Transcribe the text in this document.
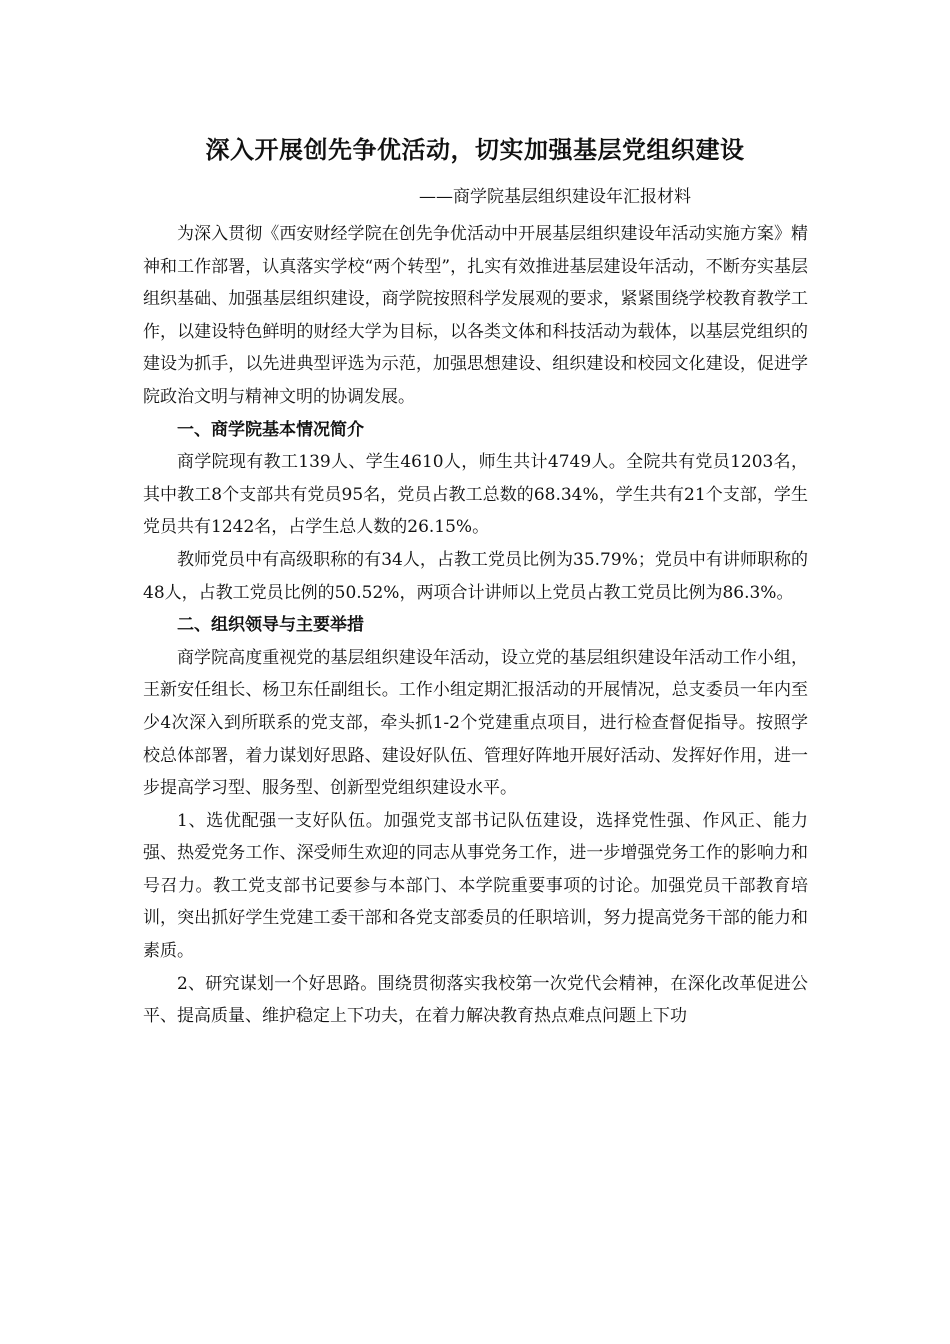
深入开展创先争优活动，切实加强基层党组织建设
——商学院基层组织建设年汇报材料

为深入贯彻《西安财经学院在创先争优活动中开展基层组织建设年活动实施方案》精神和工作部署，认真落实学校“两个转型”，扎实有效推进基层建设年活动，不断夯实基层组织基础、加强基层组织建设，商学院按照科学发展观的要求，紧紧围绕学校教育教学工作，以建设特色鲜明的财经大学为目标，以各类文体和科技活动为载体，以基层党组织的建设为抓手，以先进典型评选为示范，加强思想建设、组织建设和校园文化建设，促进学院政治文明与精神文明的协调发展。

一、商学院基本情况简介

商学院现有教工139人、学生4610人，师生共计4749人。全院共有党员1203名，其中教工8个支部共有党员95名，党员占教工总数的68.34%，学生共有21个支部，学生党员共有1242名，占学生总人数的26.15%。

教师党员中有高级职称的有34人，占教工党员比例为35.79%；党员中有讲师职称的48人，占教工党员比例的50.52%，两项合计讲师以上党员占教工党员比例为86.3%。

二、组织领导与主要举措

商学院高度重视党的基层组织建设年活动，设立党的基层组织建设年活动工作小组，王新安任组长、杨卫东任副组长。工作小组定期汇报活动的开展情况，总支委员一年内至少4次深入到所联系的党支部，牵头抓1-2个党建重点项目，进行检查督促指导。按照学校总体部署，着力谋划好思路、建设好队伍、管理好阵地开展好活动、发挥好作用，进一步提高学习型、服务型、创新型党组织建设水平。

1、选优配强一支好队伍。加强党支部书记队伍建设，选择党性强、作风正、能力强、热爱党务工作、深受师生欢迎的同志从事党务工作，进一步增强党务工作的影响力和号召力。教工党支部书记要参与本部门、本学院重要事项的讨论。加强党员干部教育培训，突出抓好学生党建工委干部和各党支部委员的任职培训，努力提高党务干部的能力和素质。

2、研究谋划一个好思路。围绕贯彻落实我校第一次党代会精神，在深化改革促进公平、提高质量、维护稳定上下功夫，在着力解决教育热点难点问题上下功
